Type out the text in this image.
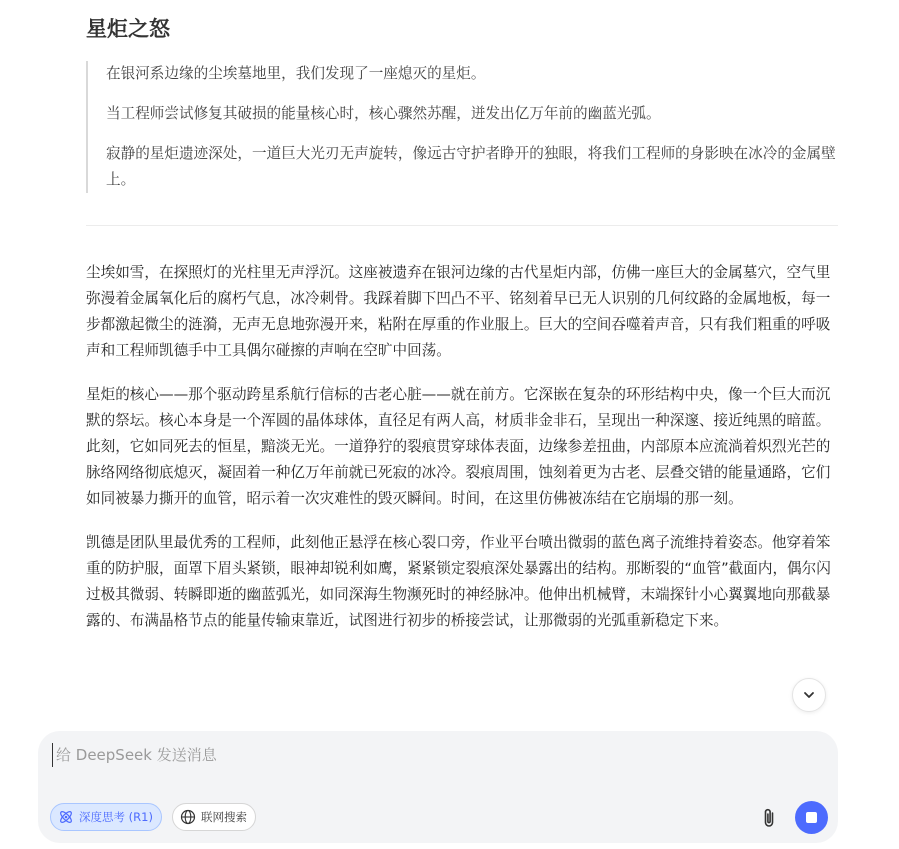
星炬之怒

在银河系边缘的尘埃墓地里，我们发现了一座熄灭的星炬。

当工程师尝试修复其破损的能量核心时，核心骤然苏醒，迸发出亿万年前的幽蓝光弧。

寂静的星炬遗迹深处，一道巨大光刃无声旋转，像远古守护者睁开的独眼，将我们工程师的身影映在冰冷的金属壁上。

尘埃如雪，在探照灯的光柱里无声浮沉。这座被遗弃在银河边缘的古代星炬内部，仿佛一座巨大的金属墓穴，空气里弥漫着金属氧化后的腐朽气息，冰冷刺骨。我踩着脚下凹凸不平、铭刻着早已无人识别的几何纹路的金属地板，每一步都激起微尘的涟漪，无声无息地弥漫开来，粘附在厚重的作业服上。巨大的空间吞噬着声音，只有我们粗重的呼吸声和工程师凯德手中工具偶尔碰擦的声响在空旷中回荡。

星炬的核心——那个驱动跨星系航行信标的古老心脏——就在前方。它深嵌在复杂的环形结构中央，像一个巨大而沉默的祭坛。核心本身是一个浑圆的晶体球体，直径足有两人高，材质非金非石，呈现出一种深邃、接近纯黑的暗蓝。此刻，它如同死去的恒星，黯淡无光。一道狰狞的裂痕贯穿球体表面，边缘参差扭曲，内部原本应流淌着炽烈光芒的脉络网络彻底熄灭，凝固着一种亿万年前就已死寂的冰冷。裂痕周围，蚀刻着更为古老、层叠交错的能量通路，它们如同被暴力撕开的血管，昭示着一次灾难性的毁灭瞬间。时间，在这里仿佛被冻结在它崩塌的那一刻。

凯德是团队里最优秀的工程师，此刻他正悬浮在核心裂口旁，作业平台喷出微弱的蓝色离子流维持着姿态。他穿着笨重的防护服，面罩下眉头紧锁，眼神却锐利如鹰，紧紧锁定裂痕深处暴露出的结构。那断裂的“血管”截面内，偶尔闪过极其微弱、转瞬即逝的幽蓝弧光，如同深海生物濒死时的神经脉冲。他伸出机械臂，末端探针小心翼翼地向那截暴露的、布满晶格节点的能量传输束靠近，试图进行初步的桥接尝试，让那微弱的光弧重新稳定下来。

给 DeepSeek 发送消息
深度思考 (R1)	联网搜索
